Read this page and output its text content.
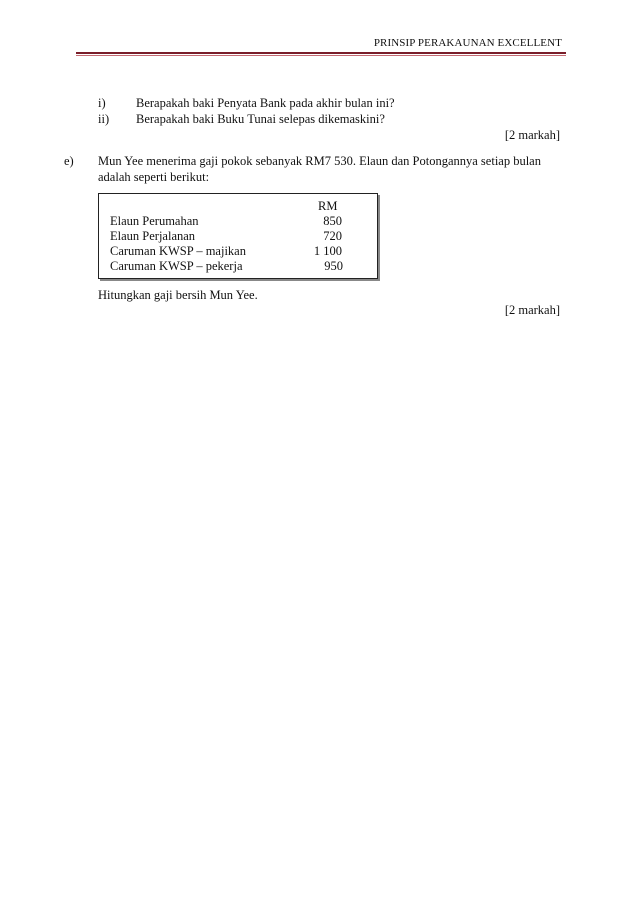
PRINSIP PERAKAUNAN EXCELLENT
i) Berapakah baki Penyata Bank pada akhir bulan ini?
ii) Berapakah baki Buku Tunai selepas dikemaskini?
[2 markah]
e) Mun Yee menerima gaji pokok sebanyak RM7 530. Elaun dan Potongannya setiap bulan
adalah seperti berikut:
RM
Elaun Perumahan	850
Elaun Perjalanan	720
Caruman KWSP – majikan	1 100
Caruman KWSP – pekerja	950
Hitungkan gaji bersih Mun Yee.
[2 markah]
